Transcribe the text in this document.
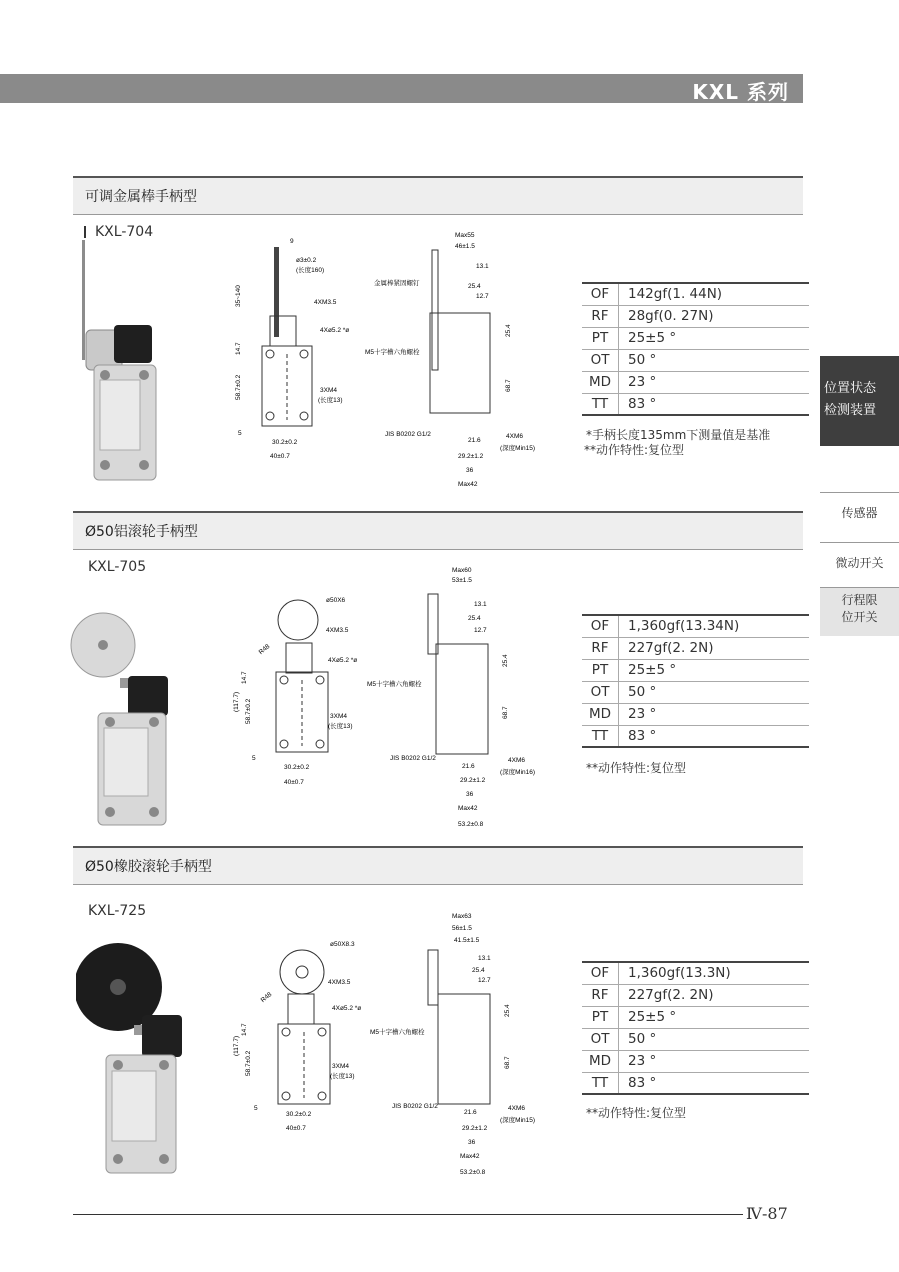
KXL 系列
位置状态
检测装置
传感器
微动开关
行程限位开关
可调金属棒手柄型
KXL-704
9
ø3±0.2
(长度160)
35~140	4XM3.5
4Xø5.2 *ø
14.7
58.7±0.2	3XM4
(长度13)
5
30.2±0.2
40±0.7
Max55
46±1.5
13.1
25.4
12.7
金属棒紧固螺钉
M5十字槽六角螺栓
25.4
68.7
JIS B0202 G1/2
21.6
4XM6
(深度Min15)
29.2±1.2
36
Max42
OF	142gf(1. 44N)
RF	28gf(0. 27N)
PT	25±5 °
OT	50 °
MD	23 °
TT	83 °
*手柄长度135mm下测量值是基准
**动作特性:复位型
Ø50铝滚轮手柄型
KXL-705
ø50X6
4XM3.5
4Xø5.2 *ø
R48
(117.7)
14.7
58.7±0.2	3XM4
(长度13)
5
30.2±0.2
40±0.7
Max60
53±1.5
13.1
25.4
12.7
M5十字槽六角螺栓
25.4
68.7
JIS B0202 G1/2
21.6
4XM6
(深度Min16)
29.2±1.2
36
Max42
53.2±0.8
OF	1,360gf(13.34N)
RF	227gf(2. 2N)
PT	25±5 °
OT	50 °
MD	23 °
TT	83 °
**动作特性:复位型
Ø50橡胶滚轮手柄型
KXL-725
ø50X8.3
4XM3.5
4Xø5.2 *ø
R48
(117.7)
14.7
58.7±0.2	3XM4
(长度13)
5
30.2±0.2
40±0.7
Max63
56±1.5
41.5±1.5
13.1
25.4
12.7
M5十字槽六角螺栓
25.4
68.7
JIS B0202 G1/2
21.6
4XM6
(深度Min15)
29.2±1.2
36
Max42
53.2±0.8
OF	1,360gf(13.3N)
RF	227gf(2. 2N)
PT	25±5 °
OT	50 °
MD	23 °
TT	83 °
**动作特性:复位型
Ⅳ-87
